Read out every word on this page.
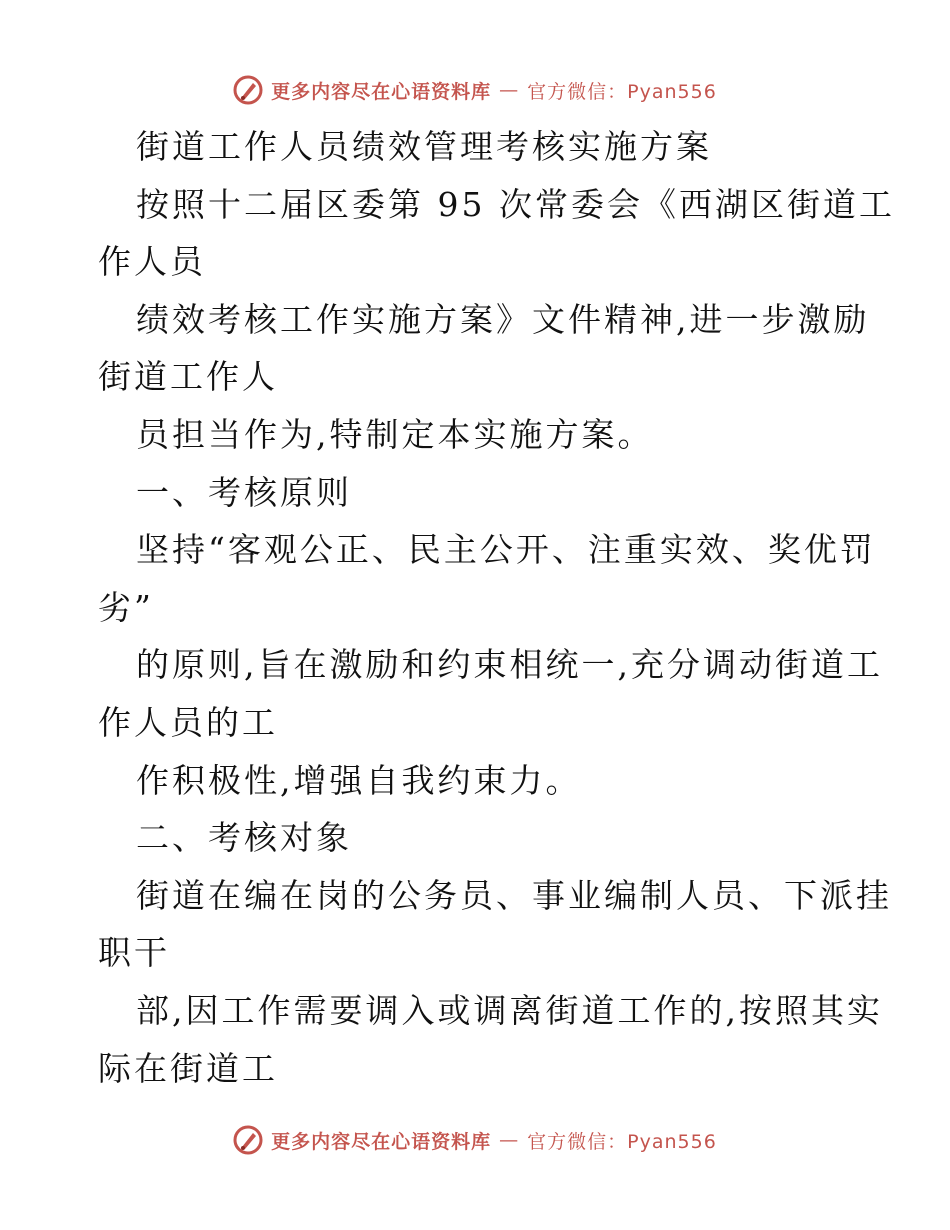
更多内容尽在心语资料库 — 官方微信：Pyan556
街道工作人员绩效管理考核实施方案
按照十二届区委第 95 次常委会《西湖区街道工
作人员
绩效考核工作实施方案》文件精神,进一步激励
街道工作人
员担当作为,特制定本实施方案。
一、考核原则
坚持“客观公正、民主公开、注重实效、奖优罚
劣”
的原则,旨在激励和约束相统一,充分调动街道工
作人员的工
作积极性,增强自我约束力。
二、考核对象
街道在编在岗的公务员、事业编制人员、下派挂
职干
部,因工作需要调入或调离街道工作的,按照其实
际在街道工
更多内容尽在心语资料库 — 官方微信：Pyan556
